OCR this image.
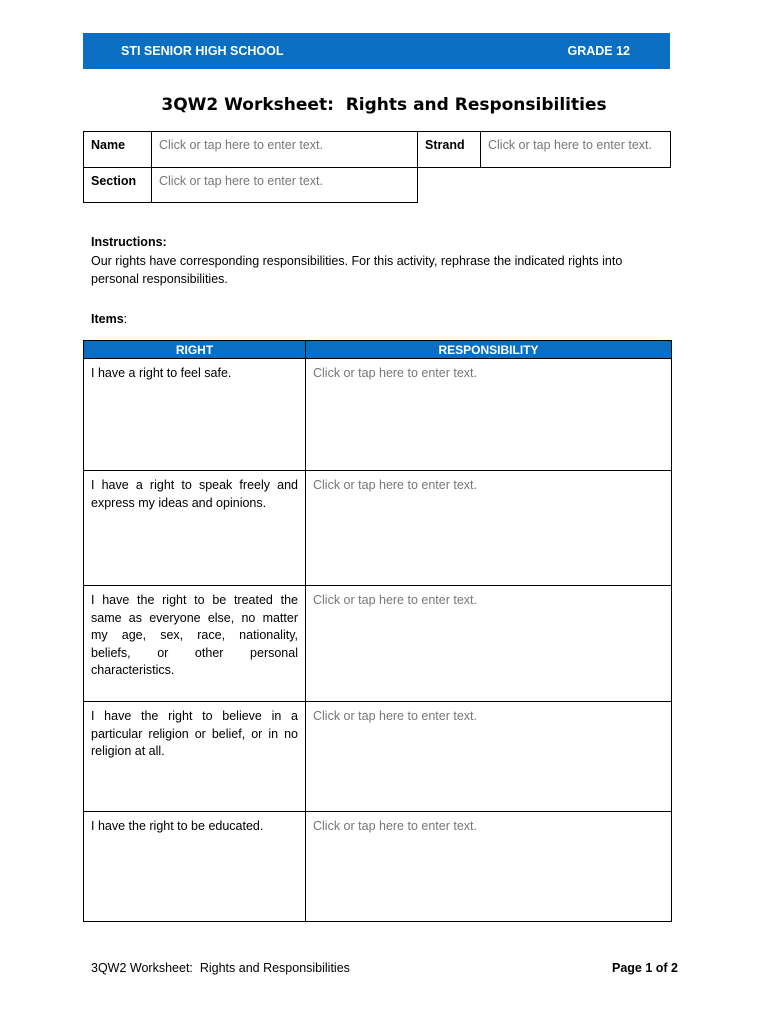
STI SENIOR HIGH SCHOOL	GRADE 12
3QW2 Worksheet:  Rights and Responsibilities
Name	Click or tap here to enter text.	Strand	Click or tap here to enter text.
Section	Click or tap here to enter text.
Instructions:
Our rights have corresponding responsibilities. For this activity, rephrase the indicated rights into personal responsibilities.
Items:
RIGHT	RESPONSIBILITY
I have a right to feel safe.	Click or tap here to enter text.
I have a right to speak freely and express my ideas and opinions.	Click or tap here to enter text.
I have the right to be treated the same as everyone else, no matter my age, sex, race, nationality, beliefs, or other personal characteristics.	Click or tap here to enter text.
I have the right to believe in a particular religion or belief, or in no religion at all.	Click or tap here to enter text.
I have the right to be educated.	Click or tap here to enter text.
3QW2 Worksheet:  Rights and Responsibilities	Page 1 of 2
